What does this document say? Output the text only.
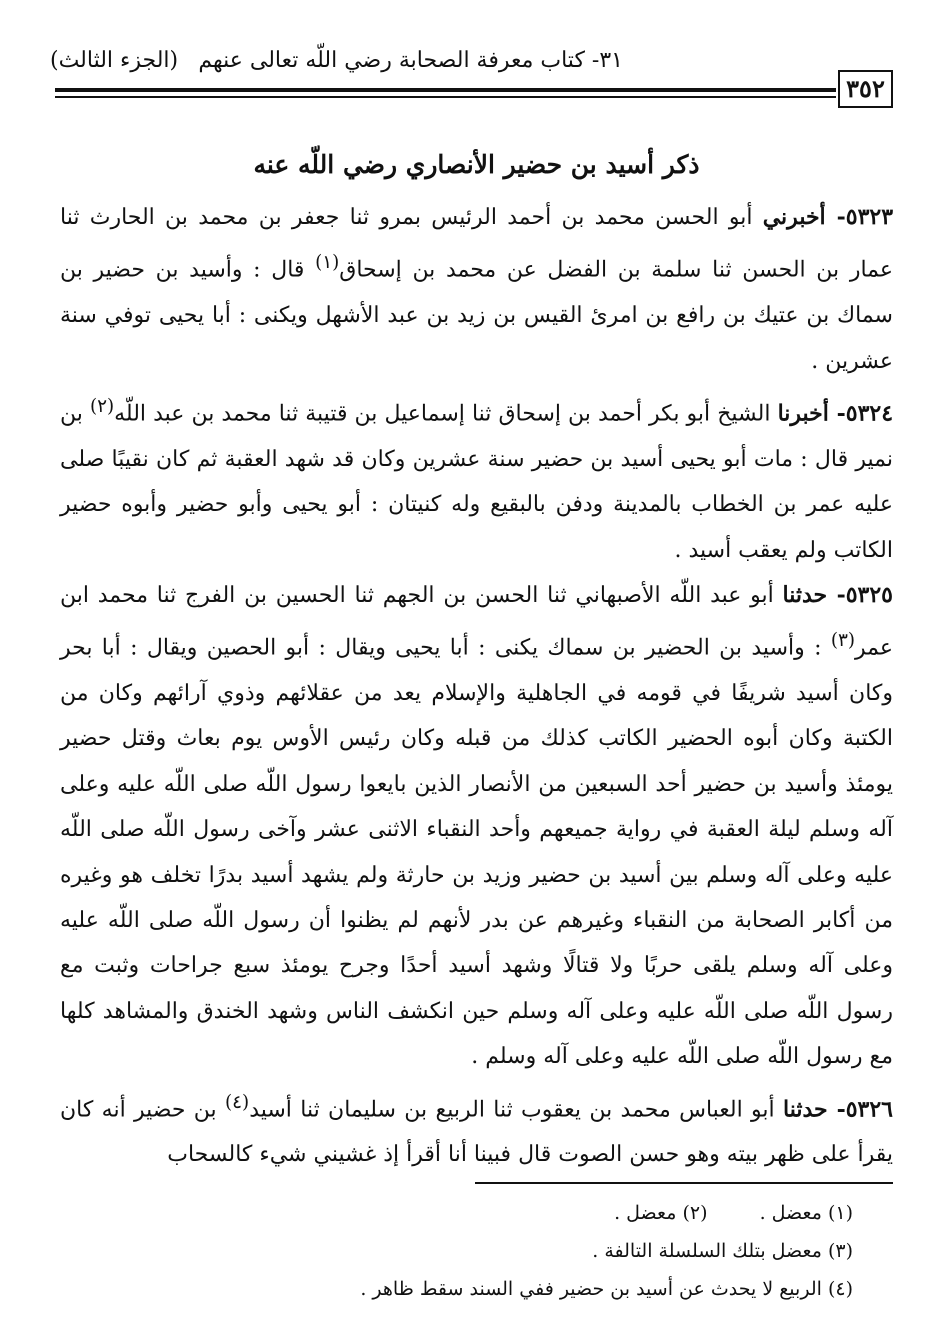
٣١- كتاب معرفة الصحابة رضي اللّه تعالى عنهم
(الجزء الثالث)
٣٥٢
ذكر أسيد بن حضير الأنصاري رضي اللّه عنه

٥٣٢٣- أخبرني أبو الحسن محمد بن أحمد الرئيس بمرو ثنا جعفر بن محمد بن الحارث ثنا عمار بن الحسن ثنا سلمة بن الفضل عن محمد بن إسحاق$^{(١)}$ قال : وأسيد بن حضير بن سماك بن عتيك بن رافع بن امرئ القيس بن زيد بن عبد الأشهل ويكنى : أبا يحيى توفي سنة عشرين .

٥٣٢٤- أخبرنا الشيخ أبو بكر أحمد بن إسحاق ثنا إسماعيل بن قتيبة ثنا محمد بن عبد اللّه$^{(٢)}$ بن نمير قال : مات أبو يحيى أسيد بن حضير سنة عشرين وكان قد شهد العقبة ثم كان نقيبًا صلى عليه عمر بن الخطاب بالمدينة ودفن بالبقيع وله كنيتان : أبو يحيى وأبو حضير وأبوه حضير الكاتب ولم يعقب أسيد .

٥٣٢٥- حدثنا أبو عبد اللّه الأصبهاني ثنا الحسن بن الجهم ثنا الحسين بن الفرج ثنا محمد ابن عمر$^{(٣)}$ : وأسيد بن الحضير بن سماك يكنى : أبا يحيى ويقال : أبو الحصين ويقال : أبا بحر وكان أسيد شريفًا في قومه في الجاهلية والإسلام يعد من عقلائهم وذوي آرائهم وكان من الكتبة وكان أبوه الحضير الكاتب كذلك من قبله وكان رئيس الأوس يوم بعاث وقتل حضير يومئذ وأسيد بن حضير أحد السبعين من الأنصار الذين بايعوا رسول اللّه صلى اللّه عليه وعلى آله وسلم ليلة العقبة في رواية جميعهم وأحد النقباء الاثنى عشر وآخى رسول اللّه صلى اللّه عليه وعلى آله وسلم بين أسيد بن حضير وزيد بن حارثة ولم يشهد أسيد بدرًا تخلف هو وغيره من أكابر الصحابة من النقباء وغيرهم عن بدر لأنهم لم يظنوا أن رسول اللّه صلى اللّه عليه وعلى آله وسلم يلقى حربًا ولا قتالًا وشهد أسيد أحدًا وجرح يومئذ سبع جراحات وثبت مع رسول اللّه صلى اللّه عليه وعلى آله وسلم حين انكشف الناس وشهد الخندق والمشاهد كلها مع رسول اللّه صلى اللّه عليه وعلى آله وسلم .

٥٣٢٦- حدثنا أبو العباس محمد بن يعقوب ثنا الربيع بن سليمان ثنا أسيد$^{(٤)}$ بن حضير أنه كان يقرأ على ظهر بيته وهو حسن الصوت قال فبينا أنا أقرأ إذ غشيني شيء كالسحاب

(١) معضل .  (٢) معضل .
(٣) معضل بتلك السلسلة التالفة .
(٤) الربيع لا يحدث عن أسيد بن حضير ففي السند سقط ظاهر .
